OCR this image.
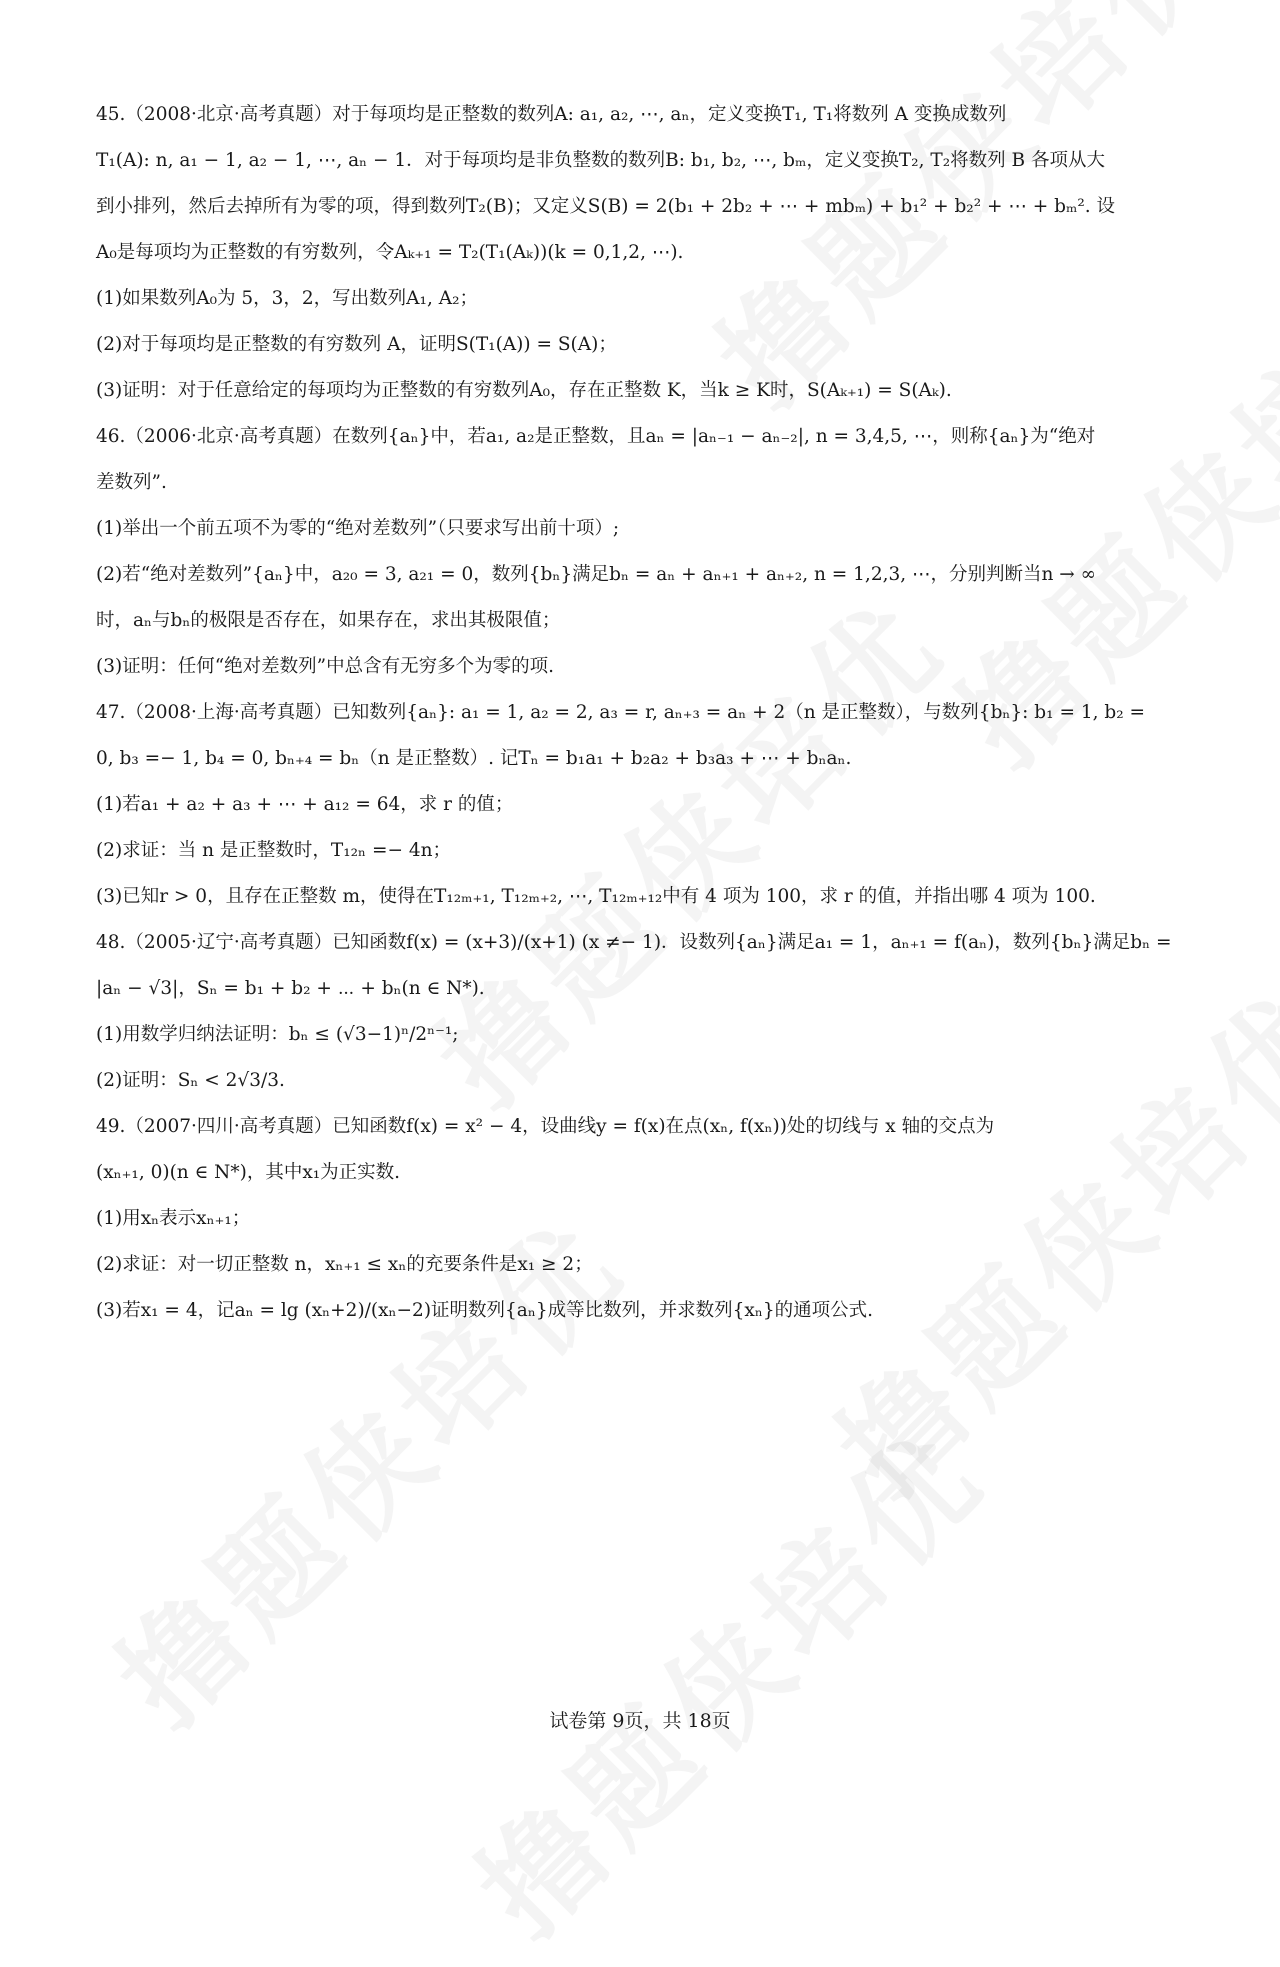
45.（2008·北京·高考真题）对于每项均是正整数的数列A: a₁, a₂, ⋯, aₙ，定义变换T₁, T₁将数列 A 变换成数列
T₁(A): n, a₁ − 1, a₂ − 1, ⋯, aₙ − 1．对于每项均是非负整数的数列B: b₁, b₂, ⋯, bₘ，定义变换T₂, T₂将数列 B 各项从大
到小排列，然后去掉所有为零的项，得到数列T₂(B)；又定义S(B) = 2(b₁ + 2b₂ + ⋯ + mbₘ) + b₁² + b₂² + ⋯ + bₘ². 设
A₀是每项均为正整数的有穷数列，令Aₖ₊₁ = T₂(T₁(Aₖ))(k = 0,1,2, ⋯).
(1)如果数列A₀为 5，3，2，写出数列A₁, A₂；
(2)对于每项均是正整数的有穷数列 A，证明S(T₁(A)) = S(A)；
(3)证明：对于任意给定的每项均为正整数的有穷数列A₀，存在正整数 K，当k ≥ K时，S(Aₖ₊₁) = S(Aₖ).
46.（2006·北京·高考真题）在数列{aₙ}中，若a₁, a₂是正整数，且aₙ = |aₙ₋₁ − aₙ₋₂|, n = 3,4,5, ⋯，则称{aₙ}为“绝对
差数列”.
(1)举出一个前五项不为零的“绝对差数列”（只要求写出前十项）;
(2)若“绝对差数列”{aₙ}中，a₂₀ = 3, a₂₁ = 0，数列{bₙ}满足bₙ = aₙ + aₙ₊₁ + aₙ₊₂, n = 1,2,3, ⋯，分别判断当n → ∞
时，aₙ与bₙ的极限是否存在，如果存在，求出其极限值；
(3)证明：任何“绝对差数列”中总含有无穷多个为零的项.
47.（2008·上海·高考真题）已知数列{aₙ}: a₁ = 1, a₂ = 2, a₃ = r, aₙ₊₃ = aₙ + 2（n 是正整数），与数列{bₙ}: b₁ = 1, b₂ =
0, b₃ =− 1, b₄ = 0, bₙ₊₄ = bₙ（n 是正整数）. 记Tₙ = b₁a₁ + b₂a₂ + b₃a₃ + ⋯ + bₙaₙ.
(1)若a₁ + a₂ + a₃ + ⋯ + a₁₂ = 64，求 r 的值；
(2)求证：当 n 是正整数时，T₁₂ₙ =− 4n；
(3)已知r > 0，且存在正整数 m，使得在T₁₂ₘ₊₁, T₁₂ₘ₊₂, ⋯, T₁₂ₘ₊₁₂中有 4 项为 100，求 r 的值，并指出哪 4 项为 100.
48.（2005·辽宁·高考真题）已知函数f(x) = (x+3)/(x+1) (x ≠− 1)．设数列{aₙ}满足a₁ = 1，aₙ₊₁ = f(aₙ)，数列{bₙ}满足bₙ =
|aₙ − √3|，Sₙ = b₁ + b₂ + ⋯ + bₙ(n ∈ N*).
(1)用数学归纳法证明：bₙ ≤ (√3−1)ⁿ/2ⁿ⁻¹;
(2)证明：Sₙ < 2√3/3.
49.（2007·四川·高考真题）已知函数f(x) = x² − 4，设曲线y = f(x)在点(xₙ, f(xₙ))处的切线与 x 轴的交点为
(xₙ₊₁, 0)(n ∈ N*)，其中x₁为正实数.
(1)用xₙ表示xₙ₊₁；
(2)求证：对一切正整数 n，xₙ₊₁ ≤ xₙ的充要条件是x₁ ≥ 2；
(3)若x₁ = 4，记aₙ = lg (xₙ+2)/(xₙ−2)证明数列{aₙ}成等比数列，并求数列{xₙ}的通项公式.
试卷第 9页，共 18页
